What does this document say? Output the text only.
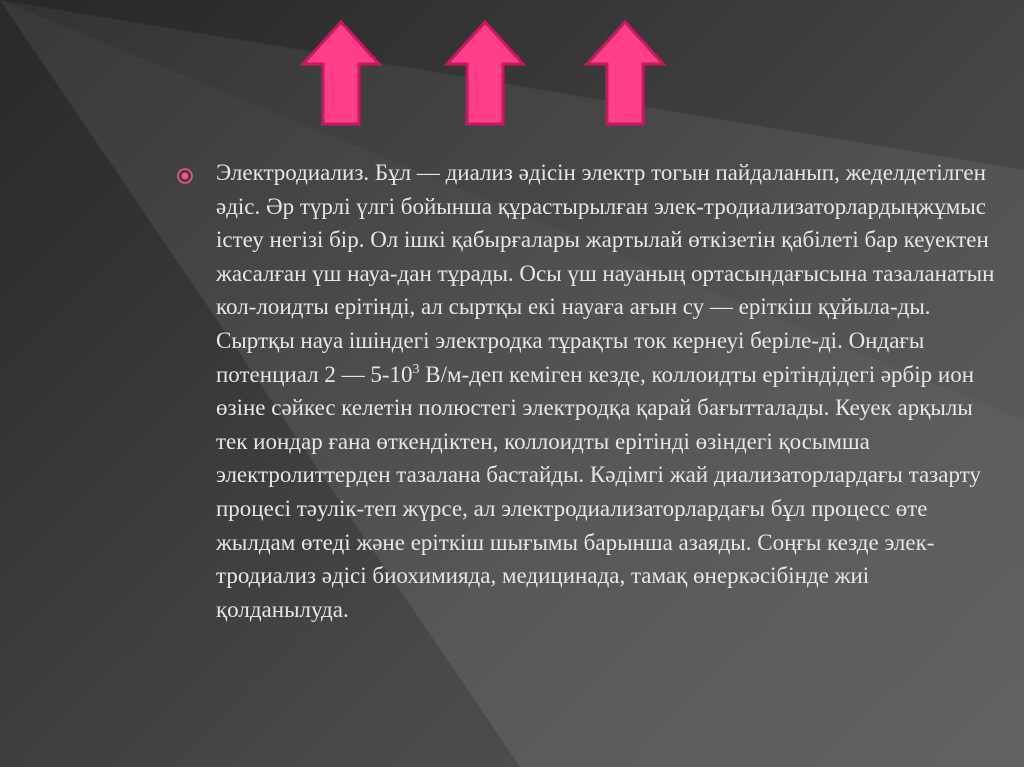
Электродиализ. Бұл — диализ әдісін электр тогын пайдаланып, жеделдетілген әдіс. Әр түрлі үлгі бойынша құрастырылған элек-тродиализаторлардыңжұмыс істеу негізі бір. Ол ішкі қабырғалары жартылай өткізетін қабілеті бар кеуектен жасалған үш науа-дан тұрады. Осы үш науаның ортасындағысына тазаланатын кол-лоидты ерітінді, ал сыртқы екі науаға ағын су — еріткіш құйыла-ды. Сыртқы науа ішіндегі электродка тұрақты ток кернеуі беріле-ді. Ондағы потенциал 2 — $5-10^3$ В/м-деп кеміген кезде, коллоидты ерітіндідегі әрбір ион өзіне сәйкес келетін полюстегі электродқа қарай бағытталады. Кеуек арқылы тек иондар ғана өткендіктен, коллоидты ерітінді өзіндегі қосымша электролиттерден тазалана бастайды. Кәдімгі жай диализаторлардағы тазарту процесі тәулік-теп жүрсе, ал электродиализаторлардағы бұл процесс өте жылдам өтеді және еріткіш шығымы барынша азаяды. Соңғы кезде элек-тродиализ әдісі биохимияда, медицинада, тамақ өнеркәсібінде жиі қолданылуда.
